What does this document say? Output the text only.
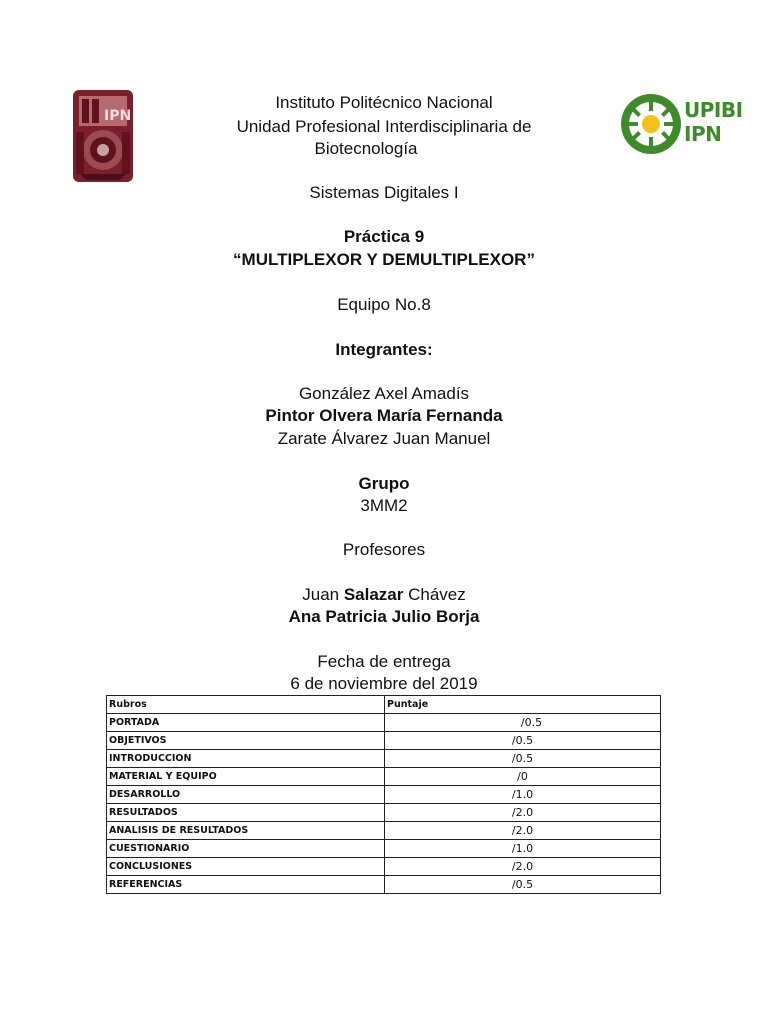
IPN	UPIBI
IPN
Instituto Politécnico Nacional
Unidad Profesional Interdisciplinaria de
Biotecnología
Sistemas Digitales I
Práctica 9
“MULTIPLEXOR Y DEMULTIPLEXOR”
Equipo No.8
Integrantes:
González Axel Amadís
Pintor Olvera María Fernanda
Zarate Álvarez Juan Manuel
Grupo
3MM2
Profesores
Juan Salazar Chávez
Ana Patricia Julio Borja
Fecha de entrega
6 de noviembre del 2019
Rubros	Puntaje
PORTADA	/0.5
OBJETIVOS	/0.5
INTRODUCCION	/0.5
MATERIAL Y EQUIPO	/0
DESARROLLO	/1.0
RESULTADOS	/2.0
ANALISIS DE RESULTADOS	/2.0
CUESTIONARIO	/1.0
CONCLUSIONES	/2.0
REFERENCIAS	/0.5
